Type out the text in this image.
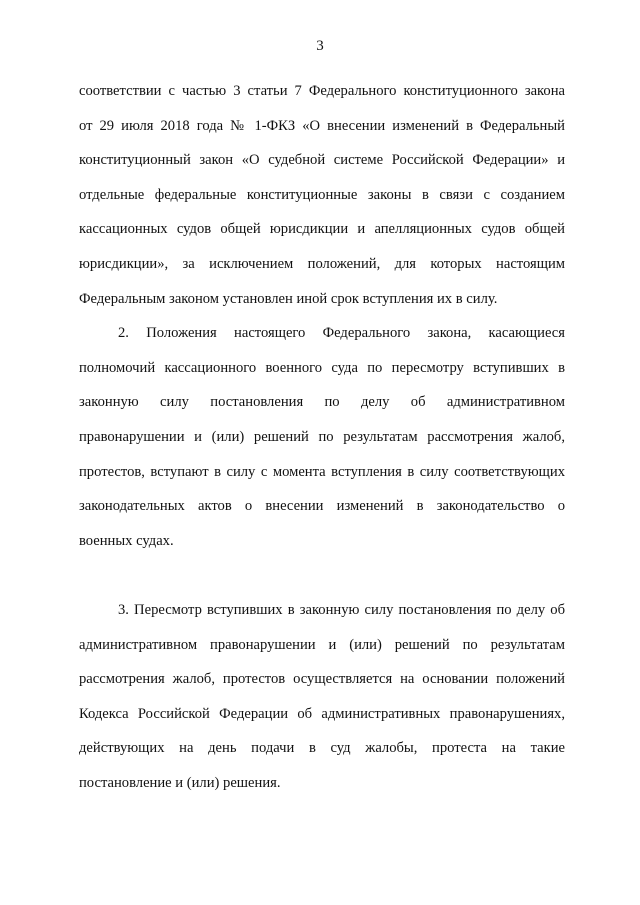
3
соответствии с частью 3 статьи 7 Федерального конституционного закона
от 29 июля 2018 года № 1-ФКЗ «О внесении изменений в Федеральный
конституционный закон «О судебной системе Российской Федерации» и
отдельные федеральные конституционные законы в связи с созданием
кассационных судов общей юрисдикции и апелляционных судов общей
юрисдикции», за исключением положений, для которых настоящим
Федеральным законом установлен иной срок вступления их в силу.
2. Положения настоящего Федерального закона, касающиеся
полномочий кассационного военного суда по пересмотру вступивших в
законную силу постановления по делу об административном
правонарушении и (или) решений по результатам рассмотрения жалоб,
протестов, вступают в силу с момента вступления в силу соответствующих
законодательных актов о внесении изменений в законодательство о
военных судах.
3. Пересмотр вступивших в законную силу постановления по делу об
административном правонарушении и (или) решений по результатам
рассмотрения жалоб, протестов осуществляется на основании положений
Кодекса Российской Федерации об административных правонарушениях,
действующих на день подачи в суд жалобы, протеста на такие
постановление и (или) решения.
